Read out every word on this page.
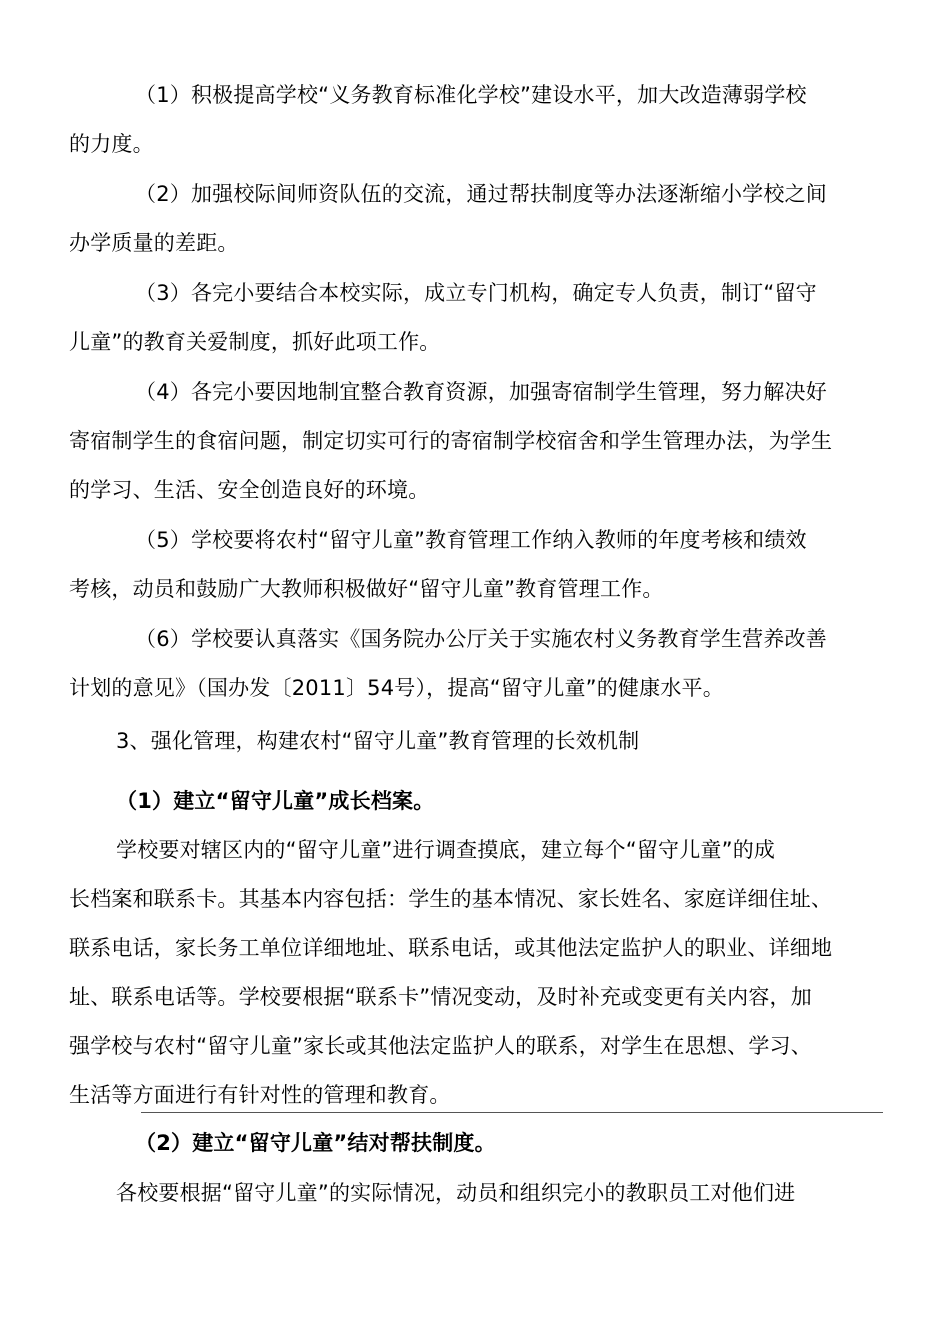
（1）积极提高学校“义务教育标准化学校”建设水平，加大改造薄弱学校
的力度。
（2）加强校际间师资队伍的交流，通过帮扶制度等办法逐渐缩小学校之间
办学质量的差距。
（3）各完小要结合本校实际，成立专门机构，确定专人负责，制订“留守
儿童”的教育关爱制度，抓好此项工作。
（4）各完小要因地制宜整合教育资源，加强寄宿制学生管理，努力解决好
寄宿制学生的食宿问题，制定切实可行的寄宿制学校宿舍和学生管理办法，为学生
的学习、生活、安全创造良好的环境。
（5）学校要将农村“留守儿童”教育管理工作纳入教师的年度考核和绩效
考核，动员和鼓励广大教师积极做好“留守儿童”教育管理工作。
（6）学校要认真落实《国务院办公厅关于实施农村义务教育学生营养改善
计划的意见》（国办发〔2011〕54号），提高“留守儿童”的健康水平。
3、强化管理，构建农村“留守儿童”教育管理的长效机制
（1）建立“留守儿童”成长档案。
学校要对辖区内的“留守儿童”进行调查摸底，建立每个“留守儿童”的成
长档案和联系卡。其基本内容包括：学生的基本情况、家长姓名、家庭详细住址、
联系电话，家长务工单位详细地址、联系电话，或其他法定监护人的职业、详细地
址、联系电话等。学校要根据“联系卡”情况变动，及时补充或变更有关内容，加
强学校与农村“留守儿童”家长或其他法定监护人的联系，对学生在思想、学习、
生活等方面进行有针对性的管理和教育。
（2）建立“留守儿童”结对帮扶制度。
各校要根据“留守儿童”的实际情况，动员和组织完小的教职员工对他们进
